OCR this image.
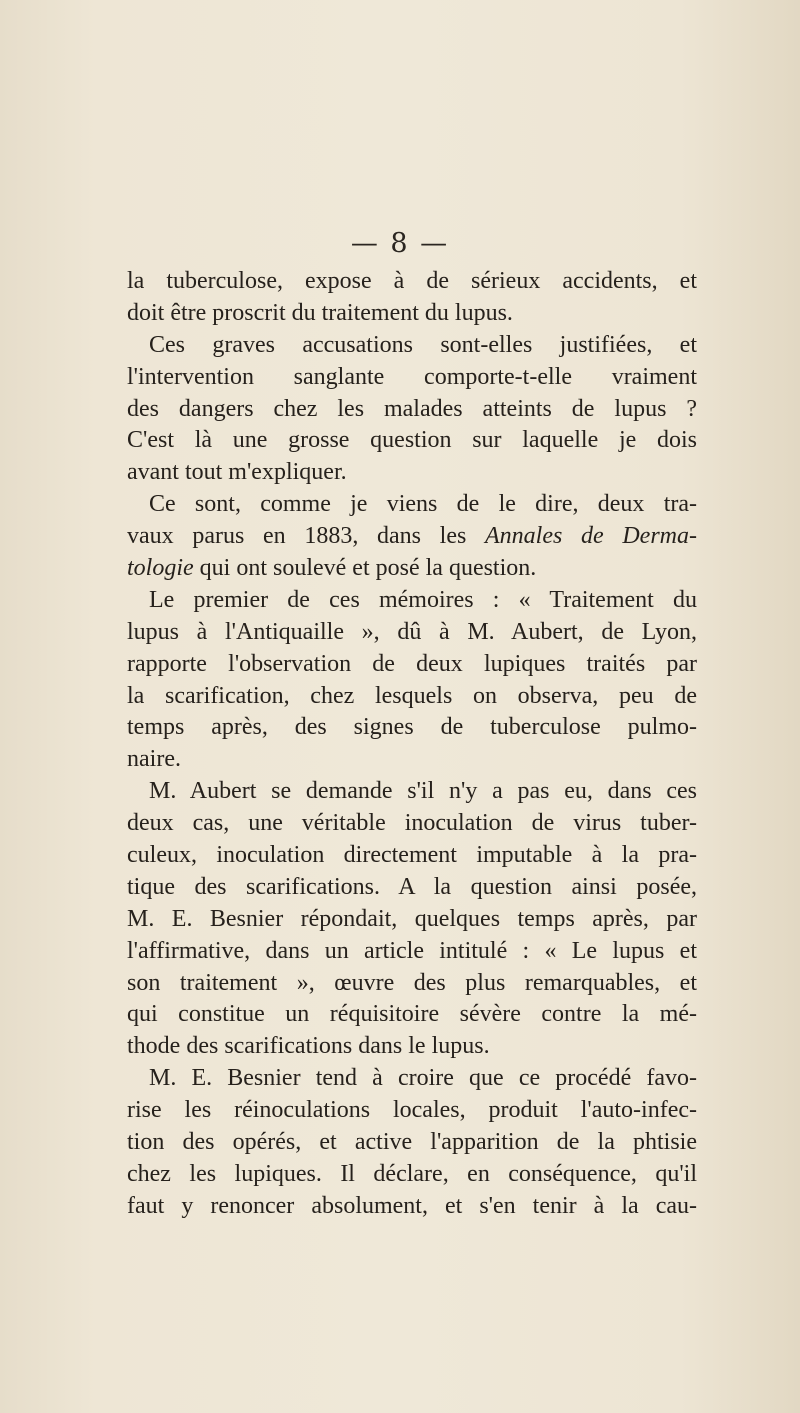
— 8 —
la tuberculose, expose à de sérieux accidents, et
doit être proscrit du traitement du lupus.
Ces graves accusations sont-elles justifiées, et
l'intervention sanglante comporte-t-elle vraiment
des dangers chez les malades atteints de lupus ?
C'est là une grosse question sur laquelle je dois
avant tout m'expliquer.
Ce sont, comme je viens de le dire, deux tra-
vaux parus en 1883, dans les Annales de Derma-
tologie qui ont soulevé et posé la question.
Le premier de ces mémoires : « Traitement du
lupus à l'Antiquaille », dû à M. Aubert, de Lyon,
rapporte l'observation de deux lupiques traités par
la scarification, chez lesquels on observa, peu de
temps après, des signes de tuberculose pulmo-
naire.
M. Aubert se demande s'il n'y a pas eu, dans ces
deux cas, une véritable inoculation de virus tuber-
culeux, inoculation directement imputable à la pra-
tique des scarifications. A la question ainsi posée,
M. E. Besnier répondait, quelques temps après, par
l'affirmative, dans un article intitulé : « Le lupus et
son traitement », œuvre des plus remarquables, et
qui constitue un réquisitoire sévère contre la mé-
thode des scarifications dans le lupus.
M. E. Besnier tend à croire que ce procédé favo-
rise les réinoculations locales, produit l'auto-infec-
tion des opérés, et active l'apparition de la phtisie
chez les lupiques. Il déclare, en conséquence, qu'il
faut y renoncer absolument, et s'en tenir à la cau-
